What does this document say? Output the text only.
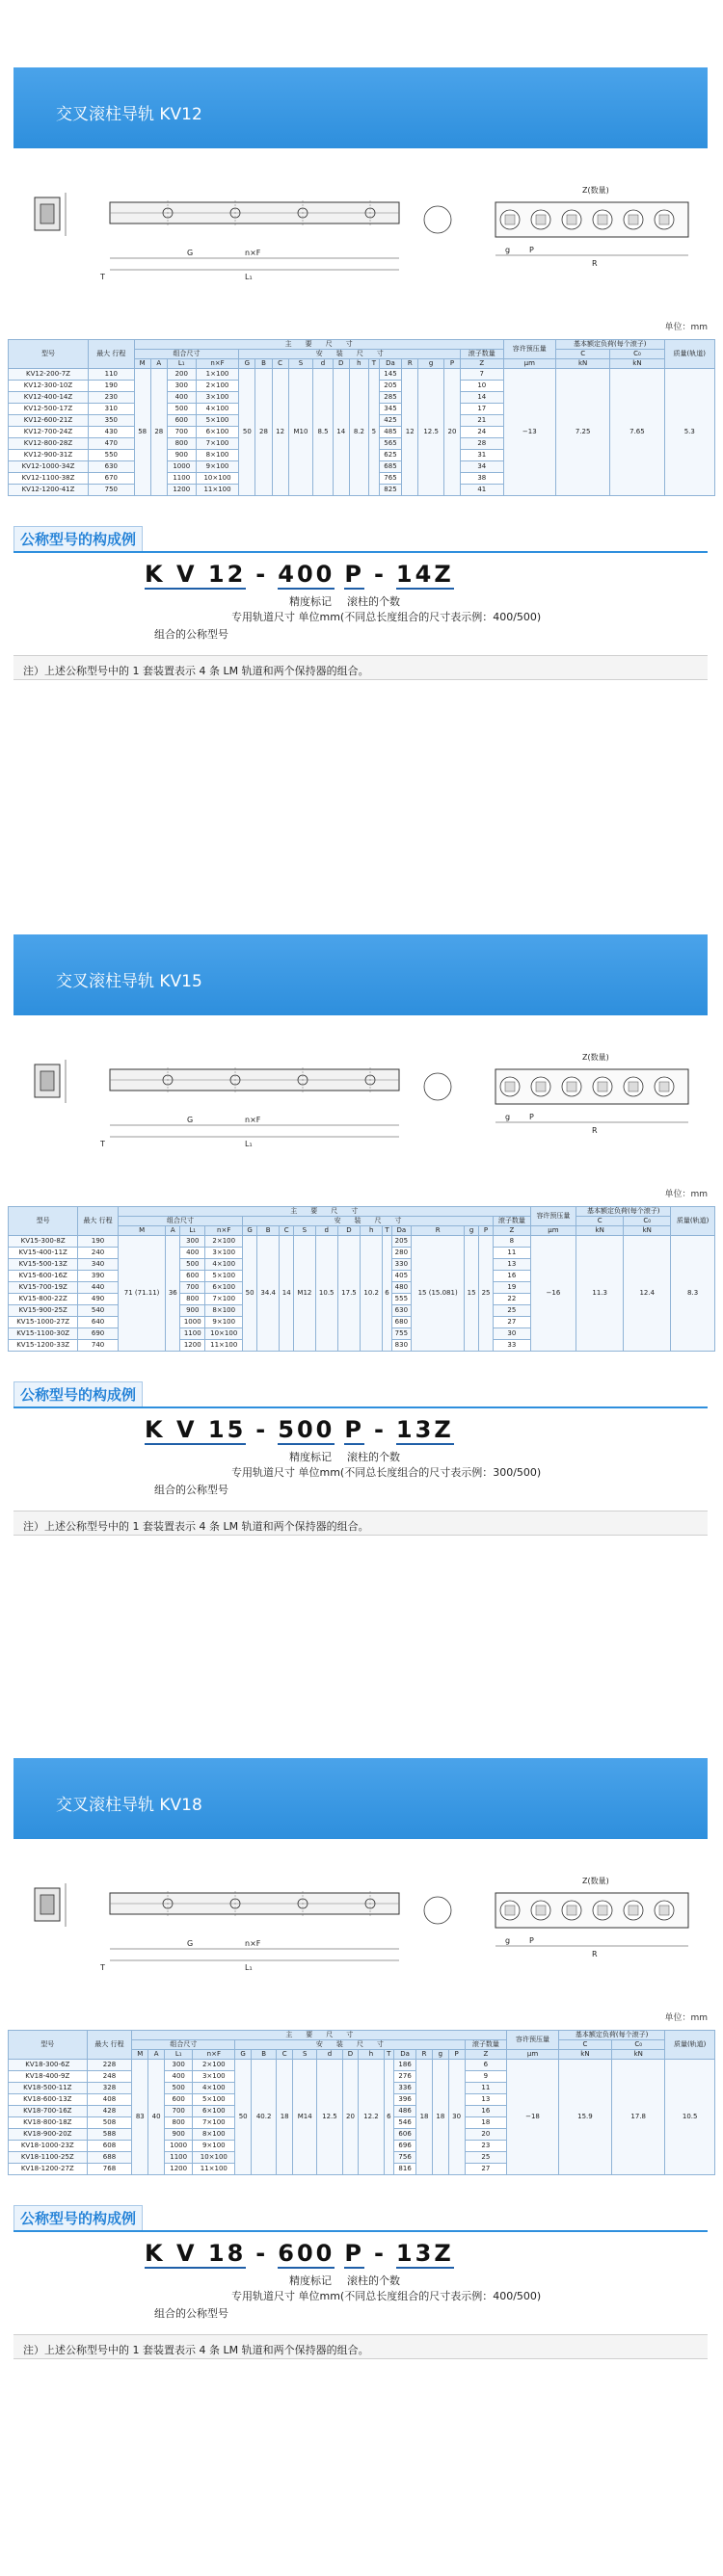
交叉滚柱导轨 KV12
Z(数量)
g P
R
G	n×F
L₁
T
单位：mm
型号	最大 行程	主　　要　　尺　　寸																	容许预压量	基本额定负荷(每个滚子)		质量(轨道)
		组合尺寸				安　　装　　尺　　寸												滚子数量		C	C₀	
		M	A	L₁	n×F	G	B	C	S	d	D	h	T	Da	R	g	P	Z	μm	kN	kN	
KV12-200-7Z	110	58	28	200	1×100	50	28	12	M10	8.5	14	8.2	5	145	12	12.5	20	7	−13	7.25	7.65	5.3
KV12-300-10Z	190			300	2×100									205				10				
KV12-400-14Z	230			400	3×100									285				14				
KV12-500-17Z	310			500	4×100									345				17				
KV12-600-21Z	350			600	5×100									425				21				
KV12-700-24Z	430			700	6×100									485				24				
KV12-800-28Z	470			800	7×100									565				28				
KV12-900-31Z	550			900	8×100									625				31				
KV12-1000-34Z	630			1000	9×100									685				34				
KV12-1100-38Z	670			1100	10×100									765				38				
KV12-1200-41Z	750			1200	11×100									825				41				
公称型号的构成例
K V 12 - 400 P - 14Z
精度标记 滚柱的个数
专用轨道尺寸 单位mm(不同总长度组合的尺寸表示例：400/500)
组合的公称型号
注）上述公称型号中的 1 套装置表示 4 条 LM 轨道和两个保持器的组合。
交叉滚柱导轨 KV15
Z(数量)
g P
R
G	n×F
L₁
T
单位：mm
型号	最大 行程	主　　要　　尺　　寸																	容许预压量	基本额定负荷(每个滚子)		质量(轨道)
		组合尺寸				安　　装　　尺　　寸												滚子数量		C	C₀	
		M	A	L₁	n×F	G	B	C	S	d	D	h	T	Da	R	g	P	Z	μm	kN	kN	
KV15-300-8Z	190	71 (71.11)	36	300	2×100	50	34.4	14	M12	10.5	17.5	10.2	6	205	15 (15.081)	15	25	8	−16	11.3	12.4	8.3
KV15-400-11Z	240			400	3×100									280				11				
KV15-500-13Z	340			500	4×100									330				13				
KV15-600-16Z	390			600	5×100									405				16				
KV15-700-19Z	440			700	6×100									480				19				
KV15-800-22Z	490			800	7×100									555				22				
KV15-900-25Z	540			900	8×100									630				25				
KV15-1000-27Z	640			1000	9×100									680				27				
KV15-1100-30Z	690			1100	10×100									755				30				
KV15-1200-33Z	740			1200	11×100									830				33				
公称型号的构成例
K V 15 - 500 P - 13Z
精度标记 滚柱的个数
专用轨道尺寸 单位mm(不同总长度组合的尺寸表示例：300/500)
组合的公称型号
注）上述公称型号中的 1 套装置表示 4 条 LM 轨道和两个保持器的组合。
交叉滚柱导轨 KV18
Z(数量)
g P
R
G	n×F
L₁
T
单位：mm
型号	最大 行程	主　　要　　尺　　寸																	容许预压量	基本额定负荷(每个滚子)		质量(轨道)
		组合尺寸				安　　装　　尺　　寸												滚子数量		C	C₀	
		M	A	L₁	n×F	G	B	C	S	d	D	h	T	Da	R	g	P	Z	μm	kN	kN	
KV18-300-6Z	228	83	40	300	2×100	50	40.2	18	M14	12.5	20	12.2	6	186	18	18	30	6	−18	15.9	17.8	10.5
KV18-400-9Z	248			400	3×100									276				9				
KV18-500-11Z	328			500	4×100									336				11				
KV18-600-13Z	408			600	5×100									396				13				
KV18-700-16Z	428			700	6×100									486				16				
KV18-800-18Z	508			800	7×100									546				18				
KV18-900-20Z	588			900	8×100									606				20				
KV18-1000-23Z	608			1000	9×100									696				23				
KV18-1100-25Z	688			1100	10×100									756				25				
KV18-1200-27Z	768			1200	11×100									816				27				
公称型号的构成例
K V 18 - 600 P - 13Z
精度标记 滚柱的个数
专用轨道尺寸 单位mm(不同总长度组合的尺寸表示例：400/500)
组合的公称型号
注）上述公称型号中的 1 套装置表示 4 条 LM 轨道和两个保持器的组合。
